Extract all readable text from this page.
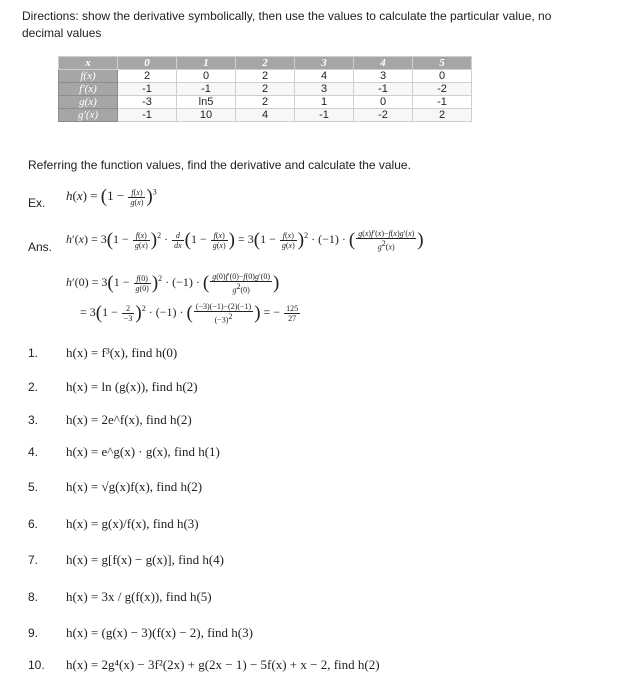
Directions: show the derivative symbolically, then use the values to calculate the particular value, no decimal values
x	0	1	2	3	4	5
f(x)	2	0	2	4	3	0
f′(x)	-1	-1	2	3	-1	-2
g(x)	-3	ln5	2	1	0	-1
g′(x)	-1	10	4	-1	-2	2
Referring the function values, find the derivative and calculate the value.
Ex.
$h(x) = (1 - \frac{f(x)}{g(x)} )^3$
Ans.
$h'(x) = 3(1 - \frac{f(x)}{g(x)} )^2 \cdot \frac{d}{dx} (1 - \frac{f(x)}{g(x)}$ ) = $3(1 - \frac{f(x)}{g(x)} )^2 \cdot (-1)$ · ( $\frac{g(x)f'(x)-f(x)g'(x)}{g^2(x)}$ )
$h'(0) = 3(1 - \frac{f(0)}{g(0)} )^2 \cdot (-1)$ · ( $\frac{g(0)f'(0)-f(0)g'(0)}{g^2(0)}$ )
= $3(1 - \frac{2}{-3} )^2 \cdot (-1)$ · ( $\frac{(-3)(-1)-(2)(-1)}{(-3)^2}$ ) = − $\frac{125}{27}$
1. h(x) = f³(x), find h(0)
2. h(x) = ln (g(x)), find h(2)
3. h(x) = 2e^f(x), find h(2)
4. h(x) = e^g(x) · g(x), find h(1)
5. h(x) = √g(x)f(x), find h(2)
6. h(x) = g(x)/f(x), find h(3)
7. h(x) = g[f(x) − g(x)], find h(4)
8. h(x) = 3x / g(f(x)), find h(5)
9. h(x) = (g(x) − 3)(f(x) − 2), find h(3)
10. h(x) = 2g⁴(x) − 3f²(2x) + g(2x − 1) − 5f(x) + x − 2, find h(2)
